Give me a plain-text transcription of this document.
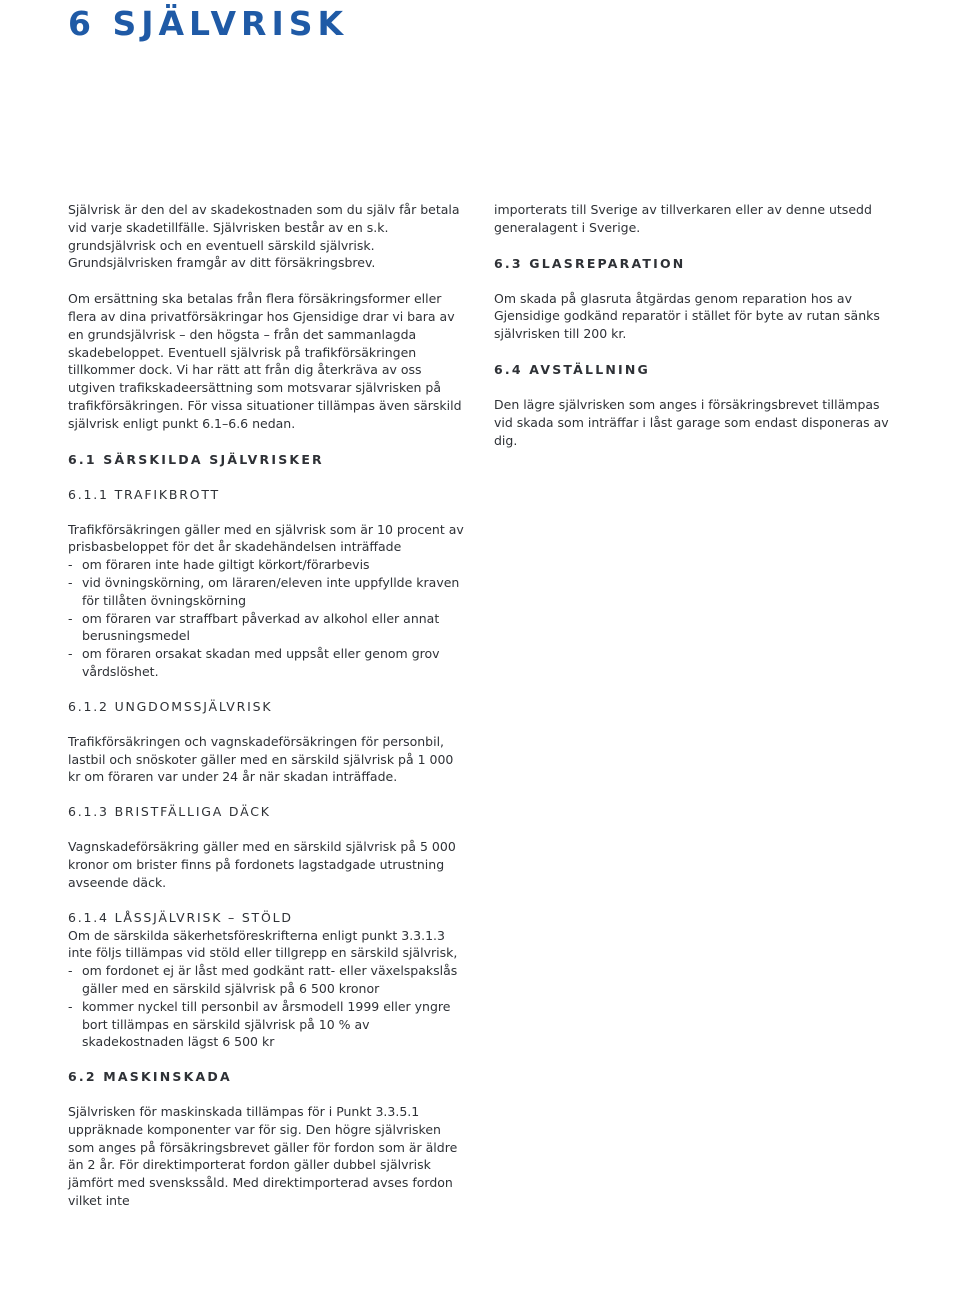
6 SJÄLVRISK

Självrisk är den del av skadekostnaden som du själv får betala vid varje skadetillfälle. Självrisken består av en s.k. grundsjälvrisk och en eventuell särskild självrisk. Grundsjälvrisken framgår av ditt försäkringsbrev.

Om ersättning ska betalas från flera försäkringsformer eller flera av dina privatförsäkringar hos Gjensidige drar vi bara av en grundsjälvrisk – den högsta – från det sammanlagda skadebeloppet. Eventuell självrisk på trafikförsäkringen tillkommer dock. Vi har rätt att från dig återkräva av oss utgiven trafikskadeersättning som motsvarar självrisken på trafikförsäkringen. För vissa situationer tillämpas även särskild självrisk enligt punkt 6.1–6.6 nedan.

6.1 SÄRSKILDA SJÄLVRISKER
6.1.1 TRAFIKBROTT

Trafikförsäkringen gäller med en självrisk som är 10 procent av prisbasbeloppet för det år skadehändelsen inträffade

- om föraren inte hade giltigt körkort/förarbevis
- vid övningskörning, om läraren/eleven inte uppfyllde kraven för tillåten övningskörning
- om föraren var straffbart påverkad av alkohol eller annat berusningsmedel
- om föraren orsakat skadan med uppsåt eller genom grov vårdslöshet.
6.1.2 UNGDOMSSJÄLVRISK

Trafikförsäkringen och vagnskadeförsäkringen för personbil, lastbil och snöskoter gäller med en särskild självrisk på 1 000 kr om föraren var under 24 år när skadan inträffade.

6.1.3 BRISTFÄLLIGA DÄCK

Vagnskadeförsäkring gäller med en särskild självrisk på 5 000 kronor om brister finns på fordonets lagstadgade utrustning avseende däck.

6.1.4 LÅSSJÄLVRISK – STÖLD

Om de särskilda säkerhetsföreskrifterna enligt punkt 3.3.1.3 inte följs tillämpas vid stöld eller tillgrepp en särskild självrisk,

- om fordonet ej är låst med godkänt ratt- eller växelspakslås gäller med en särskild självrisk på 6 500 kronor
- kommer nyckel till personbil av årsmodell 1999 eller yngre bort tillämpas en särskild självrisk på 10 % av skadekostnaden lägst 6 500 kr
6.2 MASKINSKADA

Självrisken för maskinskada tillämpas för i Punkt 3.3.5.1 uppräknade komponenter var för sig. Den högre självrisken som anges på försäkringsbrevet gäller för fordon som är äldre än 2 år. För direktimporterat fordon gäller dubbel självrisk jämfört med svenskssåld. Med direktimporterad avses fordon vilket inte

importerats till Sverige av tillverkaren eller av denne utsedd generalagent i Sverige.

6.3 GLASREPARATION

Om skada på glasruta åtgärdas genom reparation hos av Gjensidige godkänd reparatör i stället för byte av rutan sänks självrisken till 200 kr.

6.4 AVSTÄLLNING

Den lägre självrisken som anges i försäkringsbrevet tillämpas vid skada som inträffar i låst garage som endast disponeras av dig.
